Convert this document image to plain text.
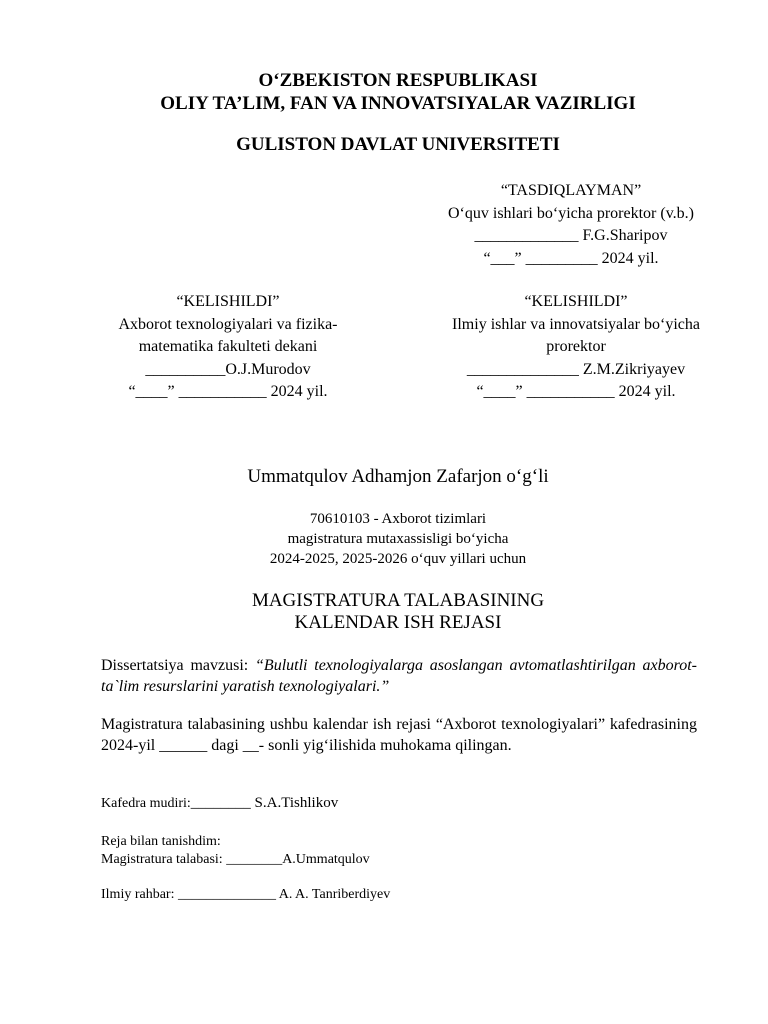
O‘ZBEKISTON RESPUBLIKASI
OLIY TA’LIM, FAN VA INNOVATSIYALAR VAZIRLIGI
GULISTON DAVLAT UNIVERSITETI
“TASDIQLAYMAN”
O‘quv ishlari bo‘yicha prorektor (v.b.)
_____________ F.G.Sharipov
“___” _________ 2024 yil.
“KELISHILDI”
Axborot texnologiyalari va fizika-
matematika fakulteti dekani
__________O.J.Murodov
“____” ___________ 2024 yil.
“KELISHILDI”
Ilmiy ishlar va innovatsiyalar bo‘yicha
prorektor
______________ Z.M.Zikriyayev
“____” ___________ 2024 yil.
Ummatqulov Adhamjon Zafarjon o‘g‘li
70610103 - Axborot tizimlari
magistratura mutaxassisligi bo‘yicha
2024-2025, 2025-2026 o‘quv yillari uchun
MAGISTRATURA TALABASINING
KALENDAR ISH REJASI
Dissertatsiya mavzusi: “Bulutli texnologiyalarga asoslangan avtomatlashtirilgan axborot-ta`lim resurslarini yaratish texnologiyalari.”
Magistratura talabasining ushbu kalendar ish rejasi “Axborot texnologiyalari” kafedrasining 2024-yil ______ dagi __- sonli yig‘ilishida muhokama qilingan.
Kafedra mudiri:________ S.A.Tishlikov
Reja bilan tanishdim:
Magistratura talabasi: ________A.Ummatqulov
Ilmiy rahbar: ______________ A. A. Tanriberdiyev
